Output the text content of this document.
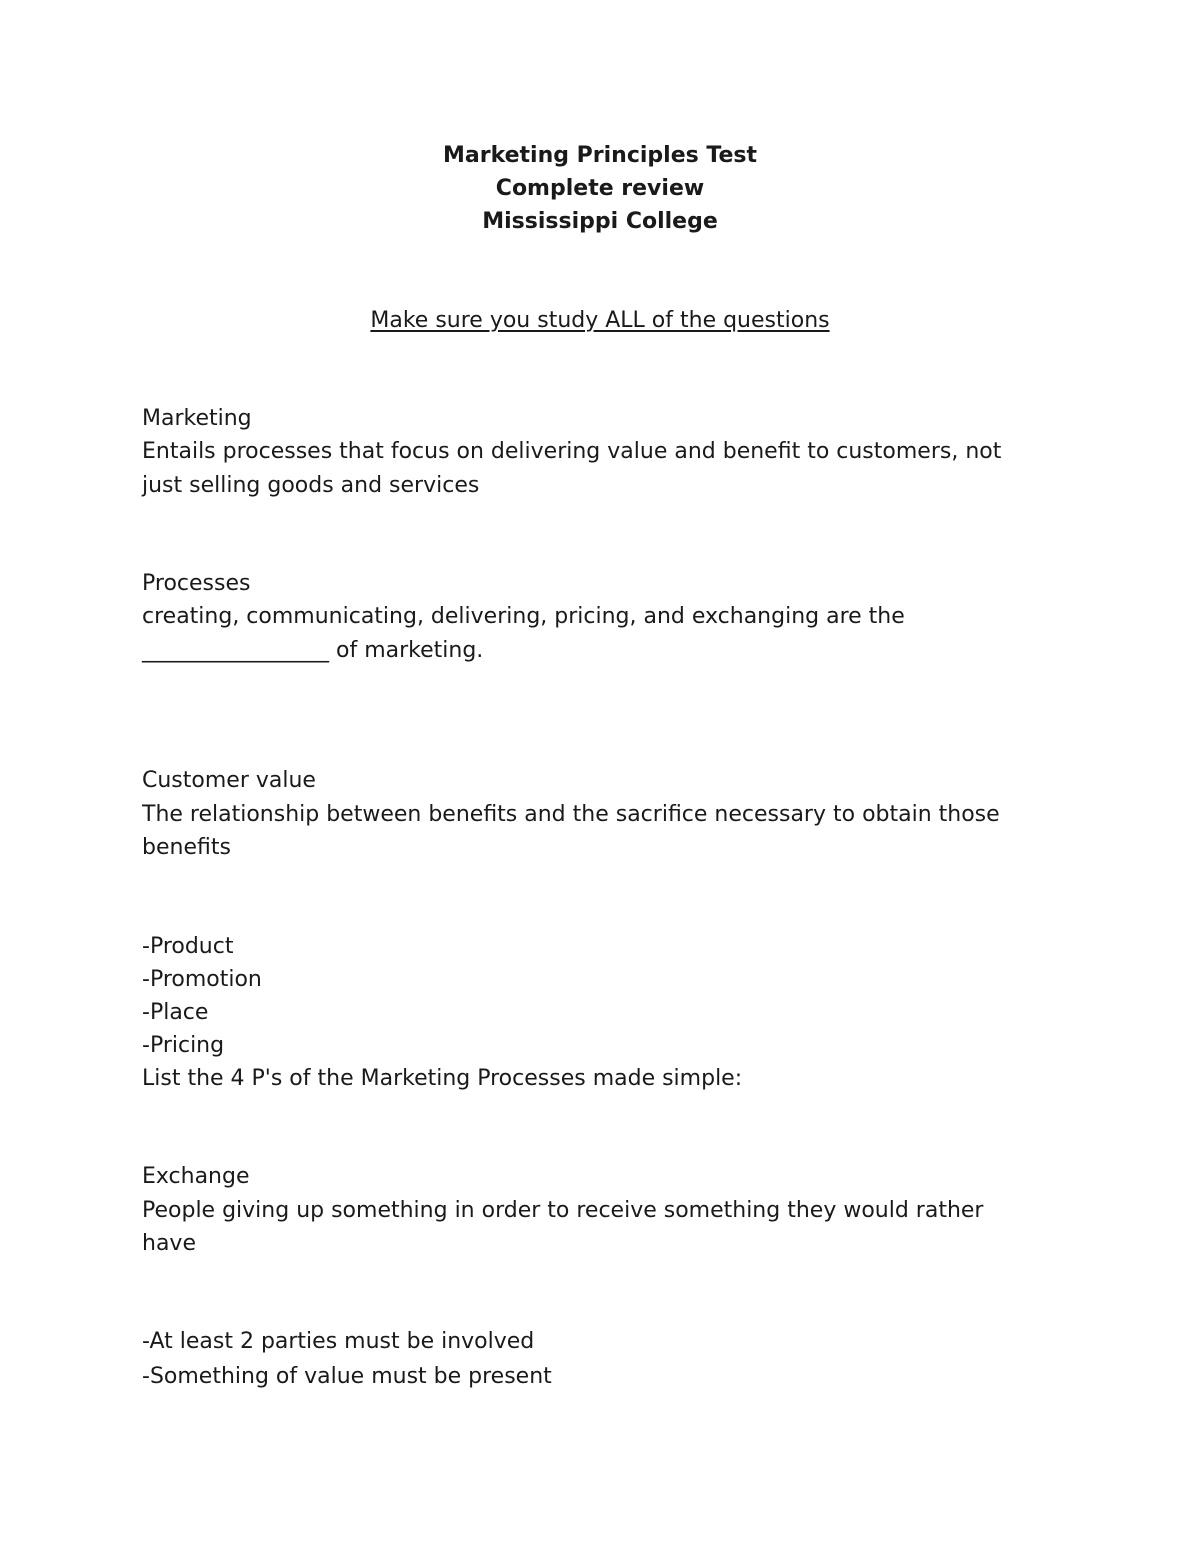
Marketing Principles Test
Complete review
Mississippi College
Make sure you study ALL of the questions
Marketing
Entails processes that focus on delivering value and benefit to customers, not
just selling goods and services
Processes
creating, communicating, delivering, pricing, and exchanging are the
_________________ of marketing.
Customer value
The relationship between benefits and the sacrifice necessary to obtain those
benefits
-Product
-Promotion
-Place
-Pricing
List the 4 P's of the Marketing Processes made simple:
Exchange
People giving up something in order to receive something they would rather
have
-At least 2 parties must be involved
-Something of value must be present
